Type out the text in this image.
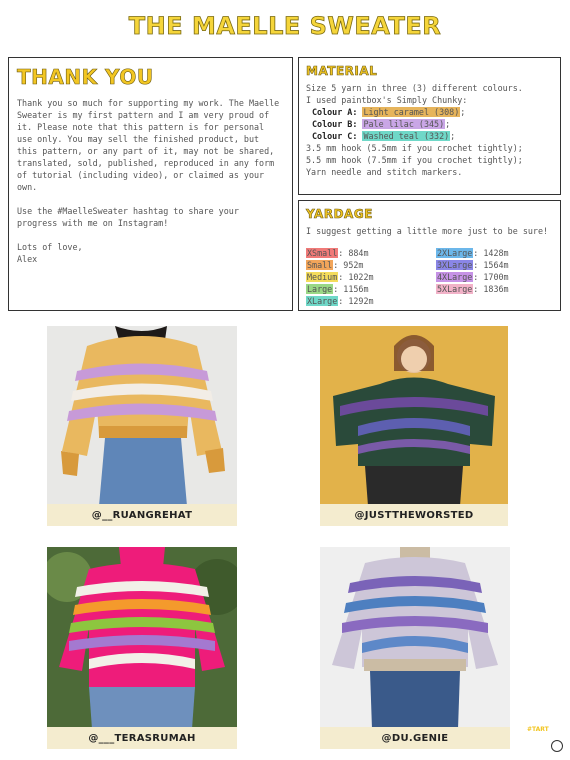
THE MAELLE SWEATER
THANK YOU

Thank you so much for supporting my work. The Maelle Sweater is my first pattern and I am very proud of it. Please note that this pattern is for personal use only. You may sell the finished product, but this pattern, or any part of it, may not be shared, translated, sold, published, reproduced in any form of tutorial (including video), or claimed as your own.

Use the #MaelleSweater hashtag to share your progress with me on Instagram!

Lots of love,
Alex
MATERIAL
Size 5 yarn in three (3) different colours.
I used paintbox's Simply Chunky:
Colour A: Light caramel (308);
Colour B: Pale lilac (345);
Colour C: Washed teal (332);
3.5 mm hook (5.5mm if you crochet tightly);
5.5 mm hook (7.5mm if you crochet tightly);
Yarn needle and stitch markers.
YARDAGE
I suggest getting a little more just to be sure!
XSmall: 884m	2XLarge: 1428m
Small: 952m	3XLarge: 1564m
Medium: 1022m	4XLarge: 1700m
Large: 1156m	5XLarge: 1836m
XLarge: 1292m
@__RUANGREHAT	@JUSTTHEWORSTED
@___TERASRUMAH	@DU.GENIE
#TART
